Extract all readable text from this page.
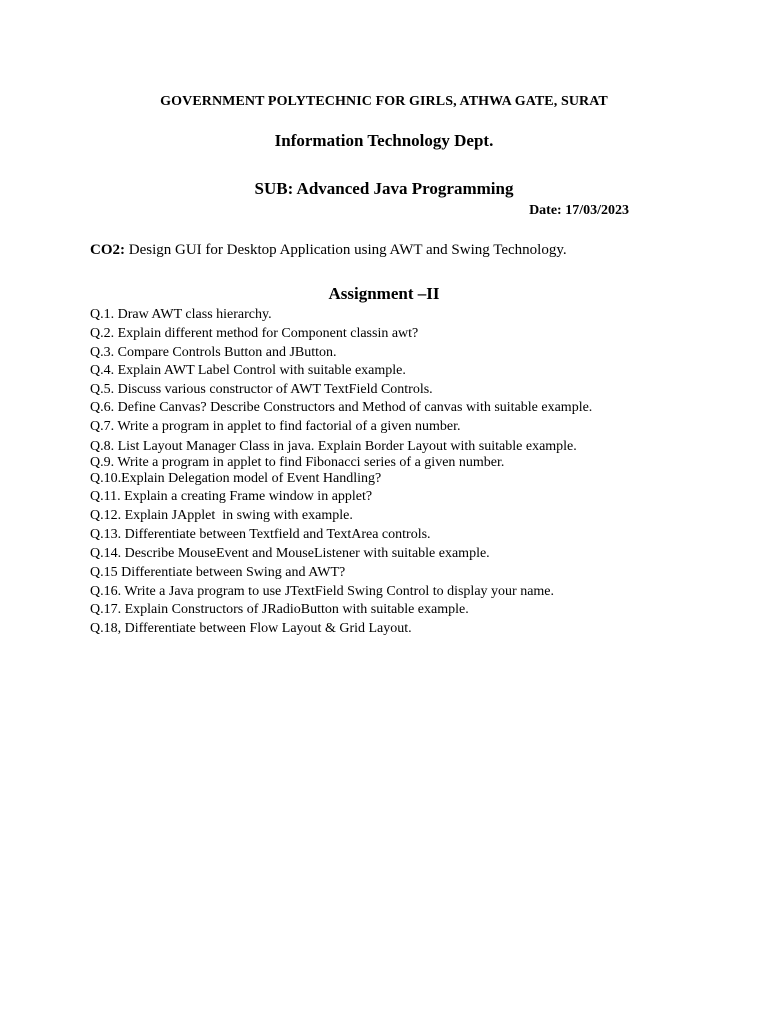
GOVERNMENT POLYTECHNIC FOR GIRLS, ATHWA GATE, SURAT
Information Technology Dept.
SUB: Advanced Java Programming
Date: 17/03/2023
CO2: Design GUI for Desktop Application using AWT and Swing Technology.
Assignment –II
Q.1. Draw AWT class hierarchy.
Q.2. Explain different method for Component classin awt?
Q.3. Compare Controls Button and JButton.
Q.4. Explain AWT Label Control with suitable example.
Q.5. Discuss various constructor of AWT TextField Controls.
Q.6. Define Canvas? Describe Constructors and Method of canvas with suitable example.
Q.7. Write a program in applet to find factorial of a given number.
Q.8. List Layout Manager Class in java. Explain Border Layout with suitable example.
Q.9. Write a program in applet to find Fibonacci series of a given number.
Q.10.Explain Delegation model of Event Handling?
Q.11. Explain a creating Frame window in applet?
Q.12. Explain JApplet  in swing with example.
Q.13. Differentiate between Textfield and TextArea controls.
Q.14. Describe MouseEvent and MouseListener with suitable example.
Q.15 Differentiate between Swing and AWT?
Q.16. Write a Java program to use JTextField Swing Control to display your name.
Q.17. Explain Constructors of JRadioButton with suitable example.
Q.18, Differentiate between Flow Layout & Grid Layout.
